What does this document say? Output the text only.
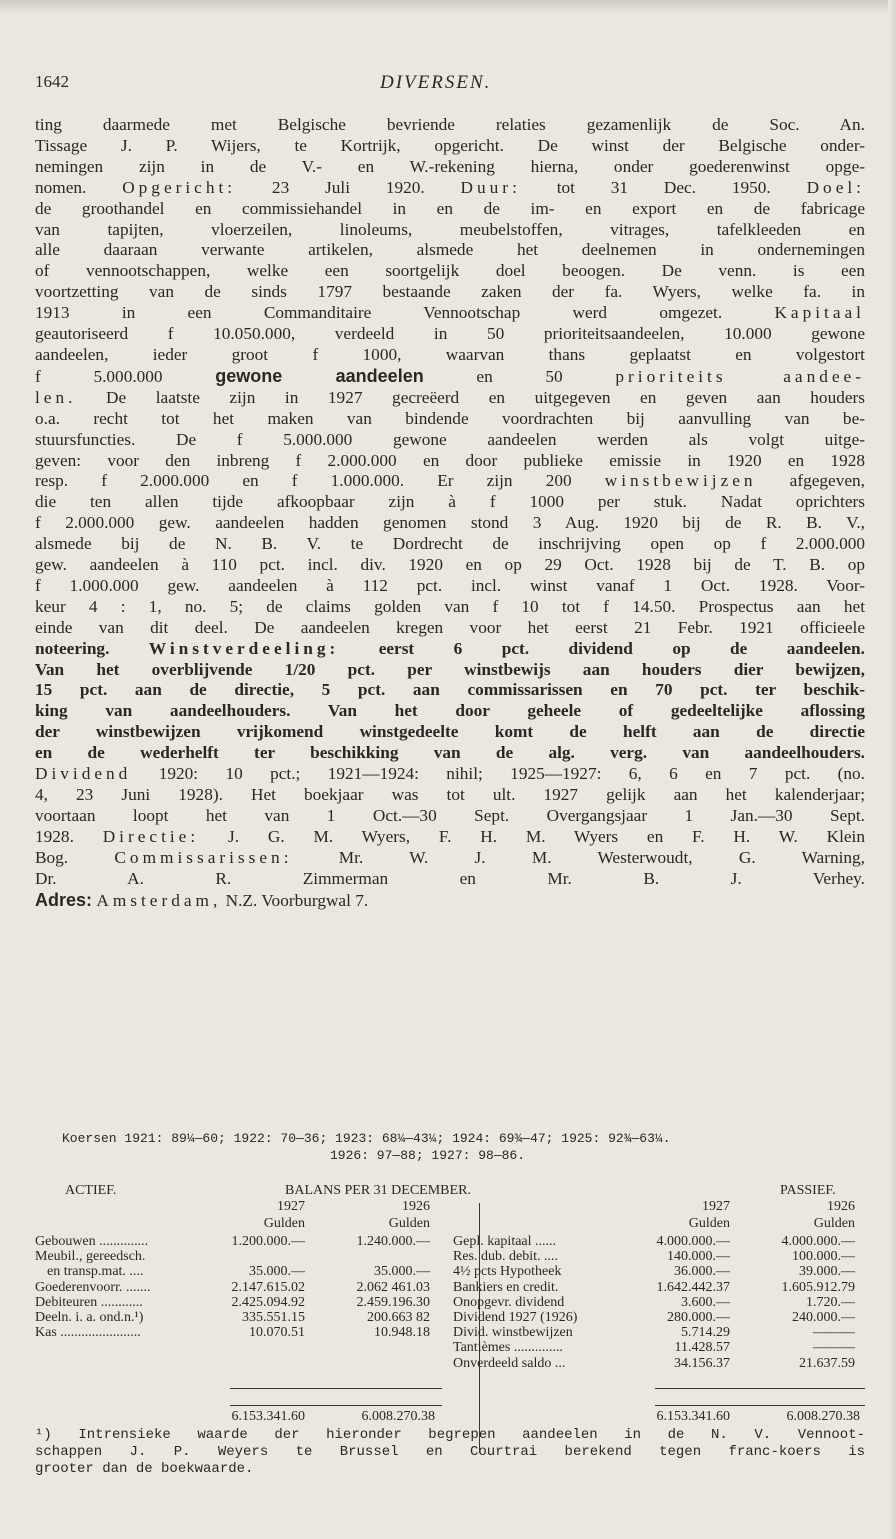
1642	DIVERSEN.
ting daarmede met Belgische bevriende relaties gezamenlijk de Soc. An.
Tissage J. P. Wijers, te Kortrijk, opgericht. De winst der Belgische onder-
nemingen zijn in de V.- en W.-rekening hierna, onder goederenwinst opge-
nomen. Opgericht: 23 Juli 1920. Duur: tot 31 Dec. 1950. Doel:
de groothandel en commissiehandel in en de im- en export en de fabricage
van tapijten, vloerzeilen, linoleums, meubelstoffen, vitrages, tafelkleeden en
alle daaraan verwante artikelen, alsmede het deelnemen in ondernemingen
of vennootschappen, welke een soortgelijk doel beoogen. De venn. is een
voortzetting van de sinds 1797 bestaande zaken der fa. Wyers, welke fa. in
1913 in een Commanditaire Vennootschap werd omgezet. Kapitaal
geautoriseerd f 10.050.000, verdeeld in 50 prioriteitsaandeelen, 10.000 gewone
aandeelen, ieder groot f 1000, waarvan thans geplaatst en volgestort
f 5.000.000 gewone aandeelen en 50 prioriteits aandee-
len. De laatste zijn in 1927 gecreëerd en uitgegeven en geven aan houders
o.a. recht tot het maken van bindende voordrachten bij aanvulling van be-
stuursfuncties. De f 5.000.000 gewone aandeelen werden als volgt uitge-
geven: voor den inbreng f 2.000.000 en door publieke emissie in 1920 en 1928
resp. f 2.000.000 en f 1.000.000. Er zijn 200 winstbewijzen afgegeven,
die ten allen tijde afkoopbaar zijn à f 1000 per stuk. Nadat oprichters
f 2.000.000 gew. aandeelen hadden genomen stond 3 Aug. 1920 bij de R. B. V.,
alsmede bij de N. B. V. te Dordrecht de inschrijving open op f 2.000.000
gew. aandeelen à 110 pct. incl. div. 1920 en op 29 Oct. 1928 bij de T. B. op
f 1.000.000 gew. aandeelen à 112 pct. incl. winst vanaf 1 Oct. 1928. Voor-
keur 4 : 1, no. 5; de claims golden van f 10 tot f 14.50. Prospectus aan het
einde van dit deel. De aandeelen kregen voor het eerst 21 Febr. 1921 officieele
noteering. Winstverdeeling: eerst 6 pct. dividend op de aandeelen.
Van het overblijvende 1/20 pct. per winstbewijs aan houders dier bewijzen,
15 pct. aan de directie, 5 pct. aan commissarissen en 70 pct. ter beschik-
king van aandeelhouders. Van het door geheele of gedeeltelijke aflossing
der winstbewijzen vrijkomend winstgedeelte komt de helft aan de directie
en de wederhelft ter beschikking van de alg. verg. van aandeelhouders.
Dividend 1920: 10 pct.; 1921—1924: nihil; 1925—1927: 6, 6 en 7 pct. (no.
4, 23 Juni 1928). Het boekjaar was tot ult. 1927 gelijk aan het kalenderjaar;
voortaan loopt het van 1 Oct.—30 Sept. Overgangsjaar 1 Jan.—30 Sept.
1928. Directie: J. G. M. Wyers, F. H. M. Wyers en F. H. W. Klein
Bog. Commissarissen: Mr. W. J. M. Westerwoudt, G. Warning,
Dr. A. R. Zimmerman en Mr. B. J. Verhey.
Adres: Amsterdam, N.Z. Voorburgwal 7.
Koersen 1921: 89¼—60; 1922: 70—36; 1923: 68¼—43¼; 1924: 69¾—47; 1925: 92¾—63¼.
1926: 97—88; 1927: 98—86.
ACTIEF.	BALANS PER 31 DECEMBER.	PASSIEF.
1927	1926	1927	1926
Gulden	Gulden	Gulden	Gulden
Gebouwen ..............	1.200.000.—	1.240.000.—
Meubil., gereedsch.
en transp.mat. ....	35.000.—	35.000.—
Goederenvoorr. .......	2.147.615.02	2.062 461.03
Debiteuren ............	2.425.094.92	2.459.196.30
Deeln. i. a. ond.n.¹)	335.551.15	200.663 82
Kas .......................	10.070.51	10.948.18
Gepl. kapitaal ......	4.000.000.—	4.000.000.—
Res. dub. debit. ....	140.000.—	100.000.—
4½ pcts Hypotheek	36.000.—	39.000.—
Bankiers en credit.	1.642.442.37	1.605.912.79
Onopgevr. dividend	3.600.—	1.720.—
Dividend 1927 (1926)	280.000.—	240.000.—
Divid. winstbewijzen	5.714.29	———
Tantièmes ..............	11.428.57	———
Onverdeeld saldo ...	34.156.37	21.637.59
6.153.341.60	6.008.270.38	6.153.341.60	6.008.270.38
¹) Intrensieke waarde der hieronder begrepen aandeelen in de N. V. Vennoot-
schappen J. P. Weyers te Brussel en Courtrai berekend tegen franc-koers is
grooter dan de boekwaarde.
